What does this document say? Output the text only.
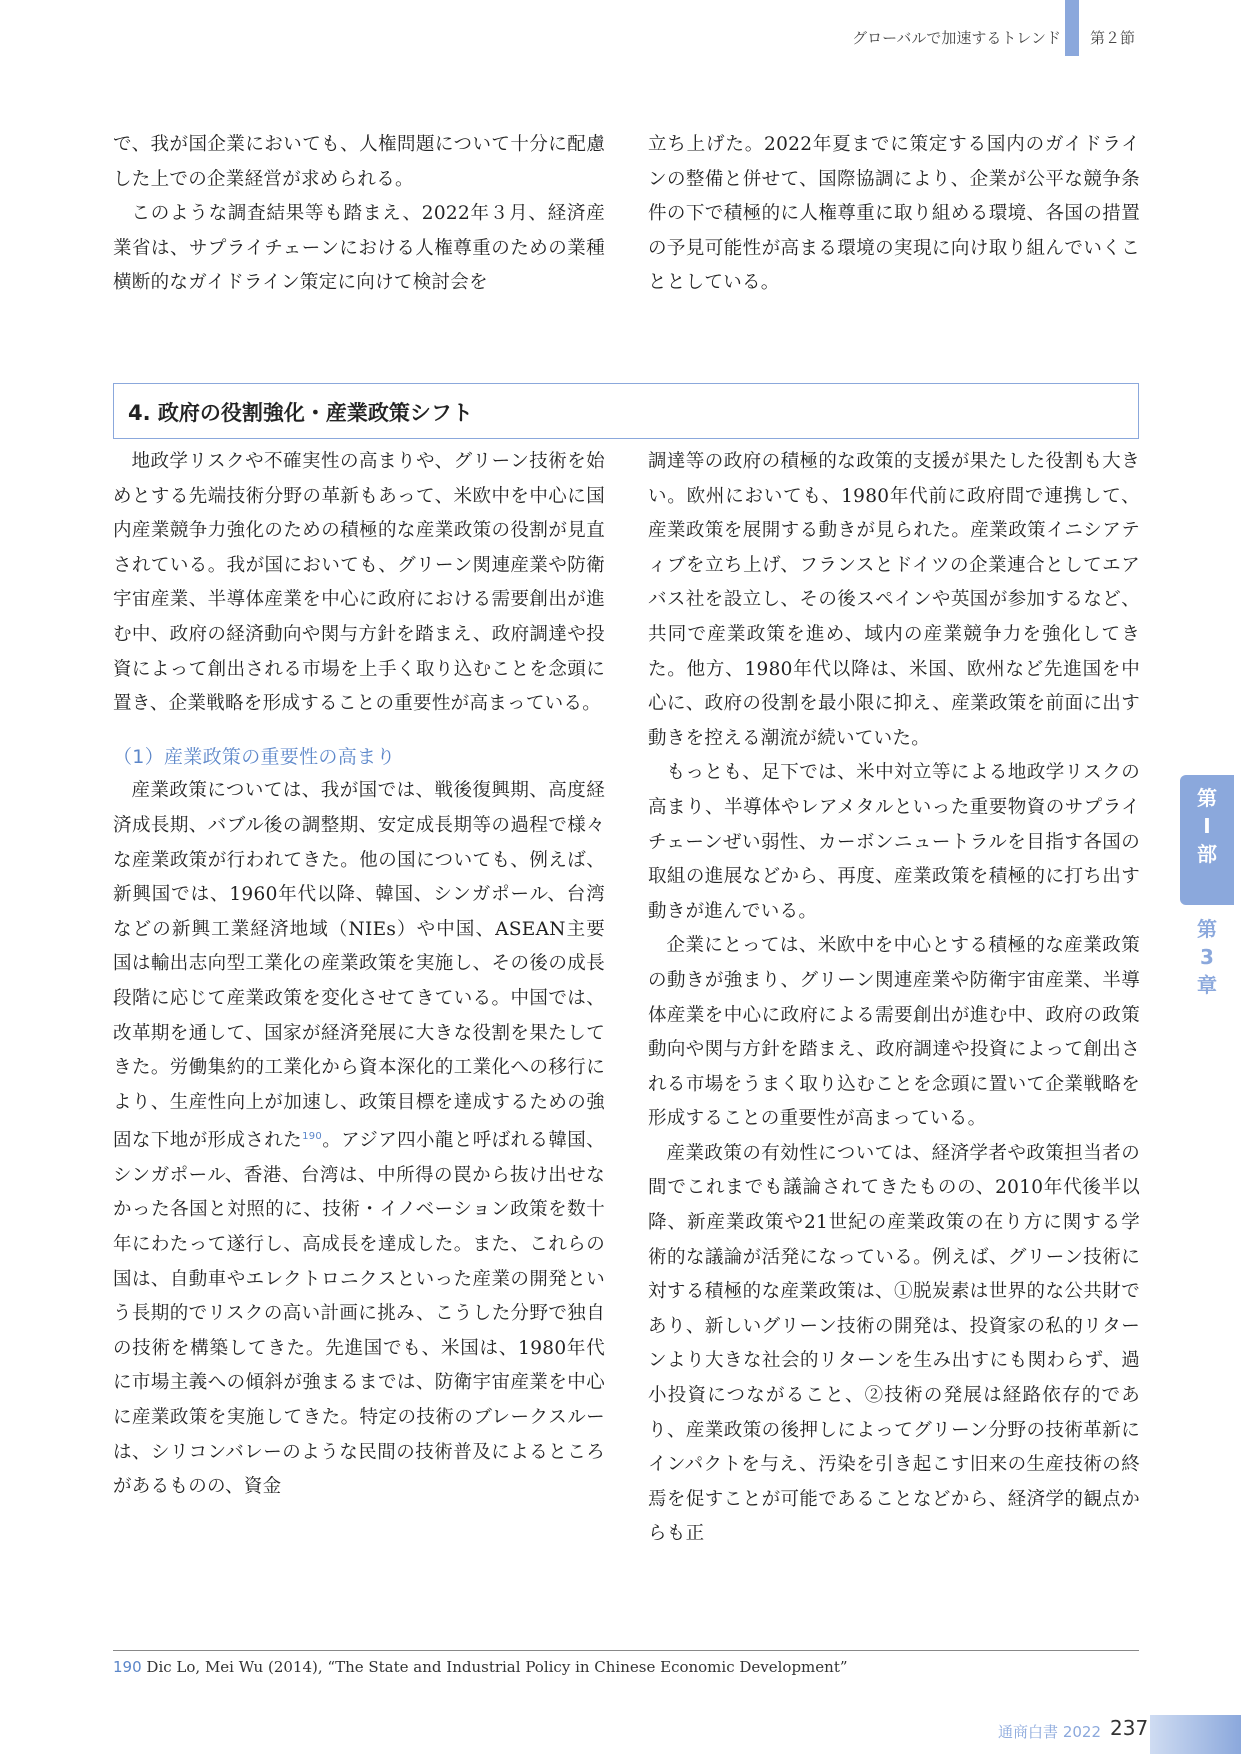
グローバルで加速するトレンド 第２節

で、我が国企業においても、人権問題について十分に配慮した上での企業経営が求められる。

このような調査結果等も踏まえ、2022年３月、経済産業省は、サプライチェーンにおける人権尊重のための業種横断的なガイドライン策定に向けて検討会を

立ち上げた。2022年夏までに策定する国内のガイドラインの整備と併せて、国際協調により、企業が公平な競争条件の下で積極的に人権尊重に取り組める環境、各国の措置の予見可能性が高まる環境の実現に向け取り組んでいくこととしている。

4. 政府の役割強化・産業政策シフト

地政学リスクや不確実性の高まりや、グリーン技術を始めとする先端技術分野の革新もあって、米欧中を中心に国内産業競争力強化のための積極的な産業政策の役割が見直されている。我が国においても、グリーン関連産業や防衛宇宙産業、半導体産業を中心に政府における需要創出が進む中、政府の経済動向や関与方針を踏まえ、政府調達や投資によって創出される市場を上手く取り込むことを念頭に置き、企業戦略を形成することの重要性が高まっている。

（1）産業政策の重要性の高まり

産業政策については、我が国では、戦後復興期、高度経済成長期、バブル後の調整期、安定成長期等の過程で様々な産業政策が行われてきた。他の国についても、例えば、新興国では、1960年代以降、韓国、シンガポール、台湾などの新興工業経済地域（NIEs）や中国、ASEAN主要国は輸出志向型工業化の産業政策を実施し、その後の成長段階に応じて産業政策を変化させてきている。中国では、改革期を通して、国家が経済発展に大きな役割を果たしてきた。労働集約的工業化から資本深化的工業化への移行により、生産性向上が加速し、政策目標を達成するための強固な下地が形成された$^{190}$。アジア四小龍と呼ばれる韓国、シンガポール、香港、台湾は、中所得の罠から抜け出せなかった各国と対照的に、技術・イノベーション政策を数十年にわたって遂行し、高成長を達成した。また、これらの国は、自動車やエレクトロニクスといった産業の開発という長期的でリスクの高い計画に挑み、こうした分野で独自の技術を構築してきた。先進国でも、米国は、1980年代に市場主義への傾斜が強まるまでは、防衛宇宙産業を中心に産業政策を実施してきた。特定の技術のブレークスルーは、シリコンバレーのような民間の技術普及によるところがあるものの、資金

調達等の政府の積極的な政策的支援が果たした役割も大きい。欧州においても、1980年代前に政府間で連携して、産業政策を展開する動きが見られた。産業政策イニシアティブを立ち上げ、フランスとドイツの企業連合としてエアバス社を設立し、その後スペインや英国が参加するなど、共同で産業政策を進め、域内の産業競争力を強化してきた。他方、1980年代以降は、米国、欧州など先進国を中心に、政府の役割を最小限に抑え、産業政策を前面に出す動きを控える潮流が続いていた。

もっとも、足下では、米中対立等による地政学リスクの高まり、半導体やレアメタルといった重要物資のサプライチェーンぜい弱性、カーボンニュートラルを目指す各国の取組の進展などから、再度、産業政策を積極的に打ち出す動きが進んでいる。

企業にとっては、米欧中を中心とする積極的な産業政策の動きが強まり、グリーン関連産業や防衛宇宙産業、半導体産業を中心に政府による需要創出が進む中、政府の政策動向や関与方針を踏まえ、政府調達や投資によって創出される市場をうまく取り込むことを念頭に置いて企業戦略を形成することの重要性が高まっている。

産業政策の有効性については、経済学者や政策担当者の間でこれまでも議論されてきたものの、2010年代後半以降、新産業政策や21世紀の産業政策の在り方に関する学術的な議論が活発になっている。例えば、グリーン技術に対する積極的な産業政策は、①脱炭素は世界的な公共財であり、新しいグリーン技術の開発は、投資家の私的リターンより大きな社会的リターンを生み出すにも関わらず、過小投資につながること、②技術の発展は経路依存的であり、産業政策の後押しによってグリーン分野の技術革新にインパクトを与え、汚染を引き起こす旧来の生産技術の終焉を促すことが可能であることなどから、経済学的観点からも正

第
Ⅰ
部
第
3
章
190 Dic Lo, Mei Wu (2014), “The State and Industrial Policy in Chinese Economic Development”
通商白書 2022 237
